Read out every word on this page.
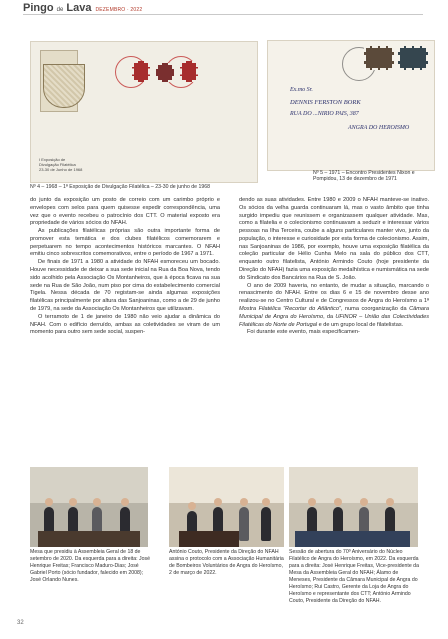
Pingo de Lava DEZEMBRO · 2022
I Exposição de
Divulgação Filatélica
23-30 de Junho de 1968
Nº 4 – 1968 – 1ª Exposição de Divulgação Filatélica – 23-30 de junho de 1968
Ex.mo Sr.
DENNIS FERSTON BORK
RUA DO ...NIRIO PAIS, 387
ANGRA DO HEROISMO
Nº 5 – 1971 – Encontro Presidentes Nixon e Pompidou, 13 de dezembro de 1971

do junto da exposição um posto de correio com um carimbo próprio e envelopes com selos para quem quisesse expedir correspondência, uma vez que o evento recebeu o patrocínio dos CTT. O material exposto era propriedade de vários sócios do NFAH.

As publicações filatélicas próprias são outra importante forma de promover esta temática e dos clubes filatélicos comemorarem e perpetuarem no tempo acontecimentos históricos marcantes. O NFAH emitiu cinco sobrescritos comemorativos, entre o período de 1967 a 1971.

De finais de 1971 a 1980 a atividade do NFAH esmoreceu um bocado. Houve necessidade de deixar a sua sede inicial na Rua da Boa Nova, tendo sido acolhido pela Associação Os Montanheiros, que à época ficava na sua sede na Rua de São João, num piso por cima do estabelecimento comercial Tigela. Nessa década de 70 registam-se ainda algumas exposições filatélicas principalmente por altura das Sanjoaninas, como a de 29 de junho de 1979, na sede da Associação Os Montanheiros que utilizavam.

O terramoto de 1 de janeiro de 1980 não veio ajudar a dinâmica do NFAH. Com o edifício derruído, ambas as coletividades se viram de um momento para outro sem sede social, suspen-

dendo as suas atividades. Entre 1980 e 2009 o NFAH manteve-se inativo. Os sócios da velha guarda continuaram lá, mas o vasto âmbito que tinha surgido impediu que reunissem e organizassem qualquer atividade. Mas, como a filatelia e o colecionismo continuavam a seduzir e interessar vários pessoas na Ilha Terceira, coube a alguns particulares manter vivo, junto da população, o interesse e curiosidade por esta forma de colecionismo. Assim, nas Sanjoaninas de 1986, por exemplo, houve uma exposição filatélica da coleção particular de Hélio Cunha Melo na sala do público dos CTT, enquanto outro filatelista, António Armindo Couto (hoje presidente da Direção do NFAH) fazia uma exposição medalhística e numismática na sede do Sindicato dos Bancários na Rua de S. João.

O ano de 2009 haveria, no entanto, de mudar a situação, marcando o renascimento do NFAH. Entre os dias 6 e 15 de novembro desse ano realizou-se no Centro Cultural e de Congressos de Angra do Heroísmo a 1ª Mostra Filatélica “Recortar do Atlântico”, numa coorganização da Câmara Municipal de Angra do Heroísmo, da UFINOR – União das Colectividades Filatélicas do Norte de Portugal e de um grupo local de filatelistas.

Foi durante este evento, mais especificamen-

Mesa que presidiu à Assembleia Geral de 18 de setembro de 2020. Da esquerda para a direita: José Henrique Freitas; Francisco Maduro-Dias; José Gabriel Porto (sócio fundador, falecido em 2008); José Orlando Nunes.
António Couto, Presidente da Direção do NFAH assina o protocolo com a Associação Humanitária de Bombeiros Voluntários de Angra do Heroísmo, 2 de março de 2022.
Sessão de abertura do 70º Aniversário do Núcleo Filatélico de Angra do Heroísmo, em 2022. Da esquerda para a direita: José Henrique Freitas, Vice-presidente da Mesa da Assembleia Geral do NFAH; Álamo de Meneses, Presidente da Câmara Municipal de Angra do Heroísmo; Rui Castro, Gerente da Loja de Angra do Heroísmo e representante dos CTT; António Armindo Couto, Presidente da Direção do NFAH.
32
